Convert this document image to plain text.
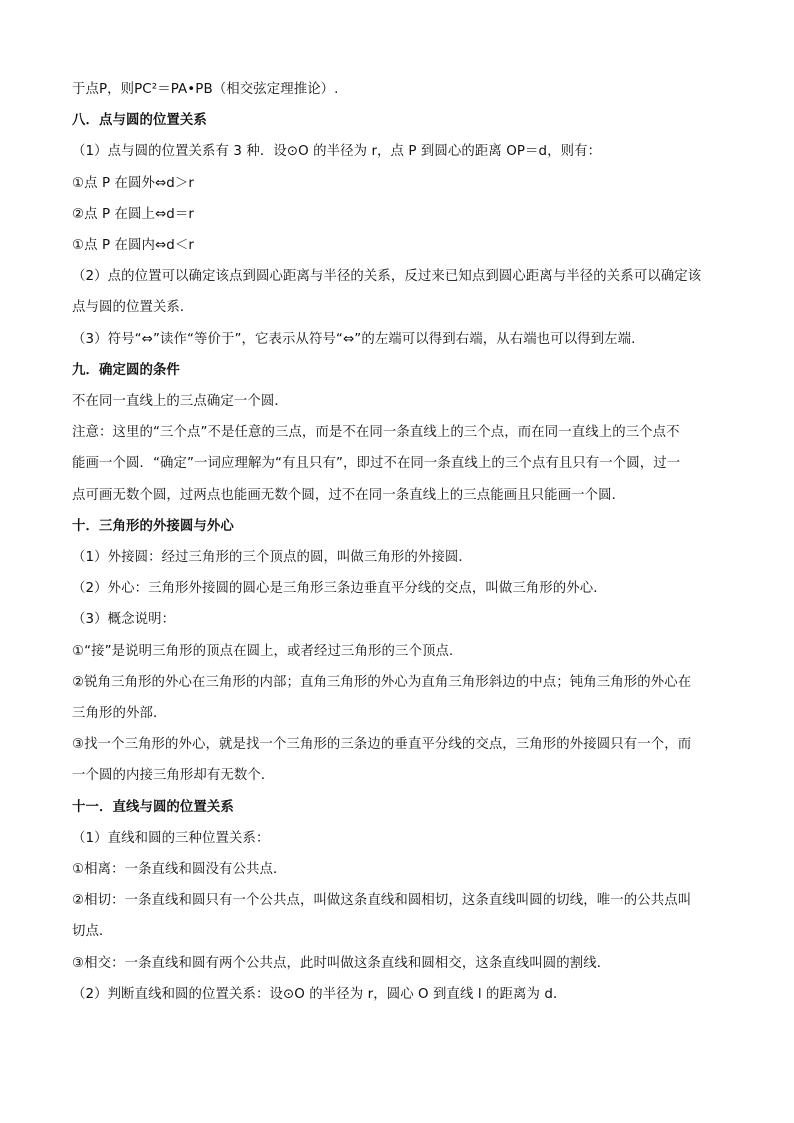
于点P，则PC²＝PA•PB（相交弦定理推论）.
八．点与圆的位置关系
（1）点与圆的位置关系有 3 种．设⊙O 的半径为 r，点 P 到圆心的距离 OP＝d，则有：
①点 P 在圆外⇔d＞r
②点 P 在圆上⇔d＝r
①点 P 在圆内⇔d＜r
（2）点的位置可以确定该点到圆心距离与半径的关系，反过来已知点到圆心距离与半径的关系可以确定该
点与圆的位置关系．
（3）符号“⇔”读作“等价于”，它表示从符号“⇔”的左端可以得到右端，从右端也可以得到左端.
九．确定圆的条件
不在同一直线上的三点确定一个圆．
注意：这里的“三个点”不是任意的三点，而是不在同一条直线上的三个点，而在同一直线上的三个点不
能画一个圆．“确定”一词应理解为“有且只有”，即过不在同一条直线上的三个点有且只有一个圆，过一
点可画无数个圆，过两点也能画无数个圆，过不在同一条直线上的三点能画且只能画一个圆．
十．三角形的外接圆与外心
（1）外接圆：经过三角形的三个顶点的圆，叫做三角形的外接圆．
（2）外心：三角形外接圆的圆心是三角形三条边垂直平分线的交点，叫做三角形的外心．
（3）概念说明：
①“接”是说明三角形的顶点在圆上，或者经过三角形的三个顶点.
②锐角三角形的外心在三角形的内部；直角三角形的外心为直角三角形斜边的中点；钝角三角形的外心在
三角形的外部．
③找一个三角形的外心，就是找一个三角形的三条边的垂直平分线的交点，三角形的外接圆只有一个，而
一个圆的内接三角形却有无数个．
十一．直线与圆的位置关系
（1）直线和圆的三种位置关系：
①相离：一条直线和圆没有公共点．
②相切：一条直线和圆只有一个公共点，叫做这条直线和圆相切，这条直线叫圆的切线，唯一的公共点叫
切点．
③相交：一条直线和圆有两个公共点，此时叫做这条直线和圆相交，这条直线叫圆的割线．
（2）判断直线和圆的位置关系：设⊙O 的半径为 r，圆心 O 到直线 l 的距离为 d．
